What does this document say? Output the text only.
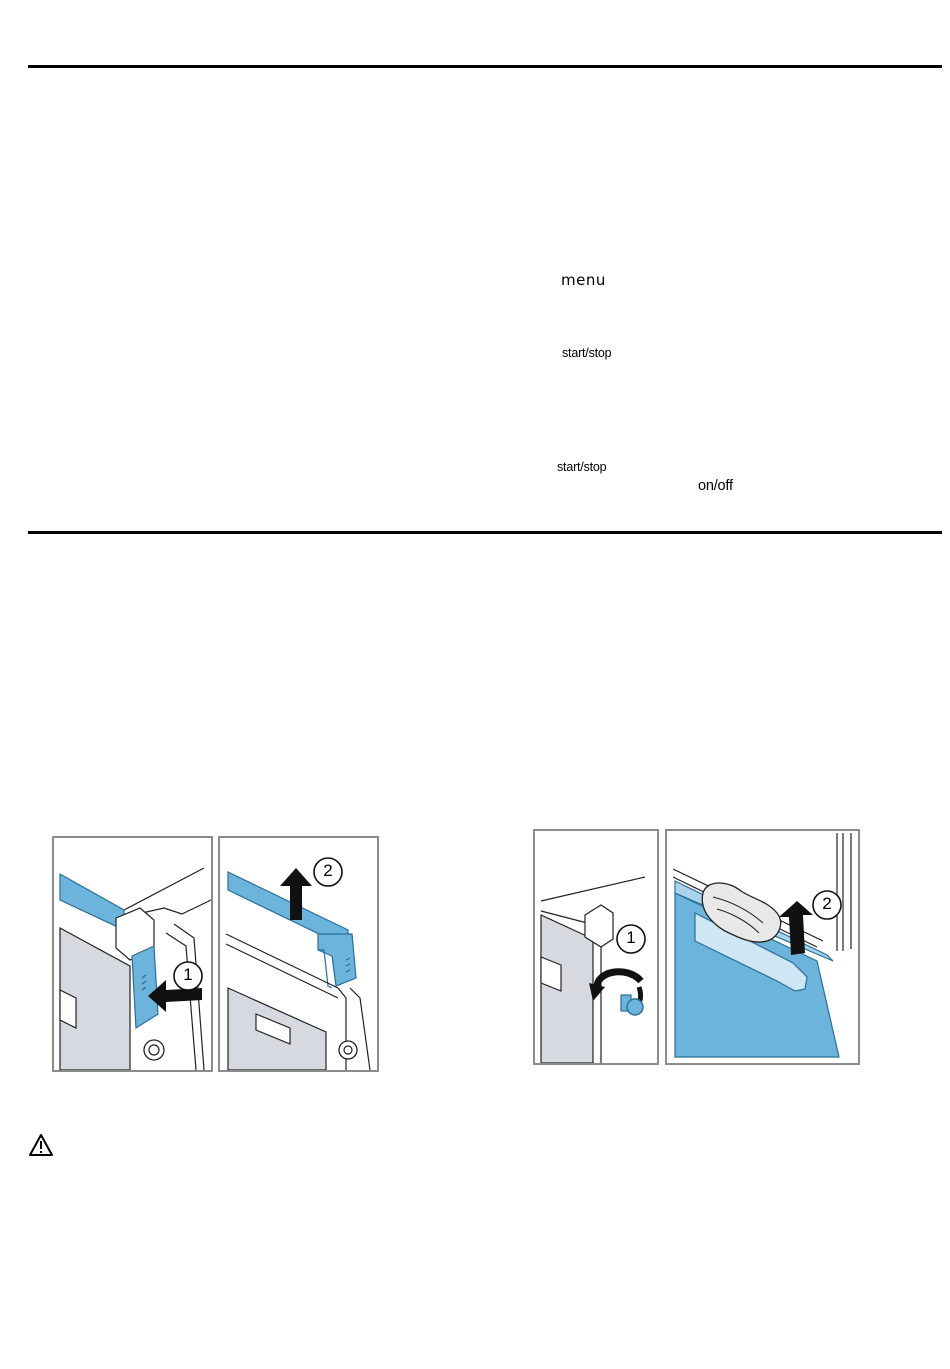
menu
start/stop
start/stop
on/off
1
2
1
2
